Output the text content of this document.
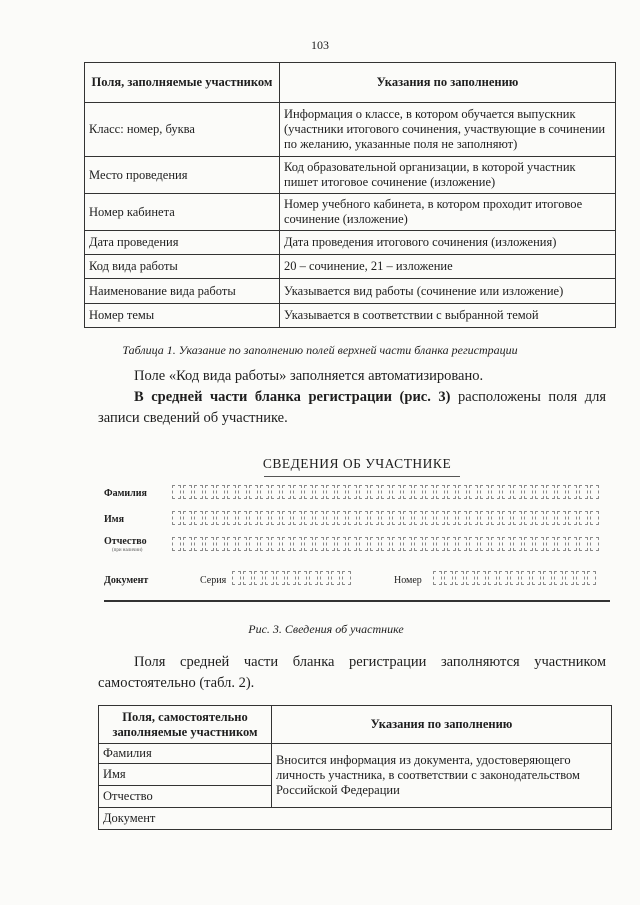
103
Поля, заполняемые участником	Указания по заполнению
Класс: номер, буква	Информация о классе, в котором обучается выпускник (участники итогового сочинения, участвующие в сочинении по желанию, указанные поля не заполняют)
Место проведения	Код образовательной организации, в которой участник пишет итоговое сочинение (изложение)
Номер кабинета	Номер учебного кабинета, в котором проходит итоговое сочинение (изложение)
Дата проведения	Дата проведения итогового сочинения (изложения)
Код вида работы	20 – сочинение, 21 – изложение
Наименование вида работы	Указывается вид работы (сочинение или изложение)
Номер темы	Указывается в соответствии с выбранной темой
Таблица 1. Указание по заполнению полей верхней части бланка регистрации

Поле «Код вида работы» заполняется автоматизировано.

В средней части бланка регистрации (рис. 3) расположены поля для записи сведений об участнике.

СВЕДЕНИЯ ОБ УЧАСТНИКЕ
Фамилия
Имя
Отчество
(при наличии)
Документ	Серия	Номер
Рис. 3. Сведения об участнике

Поля средней части бланка регистрации заполняются участником самостоятельно (табл. 2).

Поля, самостоятельно заполняемые участником	Указания по заполнению
Фамилия	Вносится информация из документа, удостоверяющего личность участника, в соответствии с законодательством Российской Федерации
Имя	
Отчество	
Документ	
